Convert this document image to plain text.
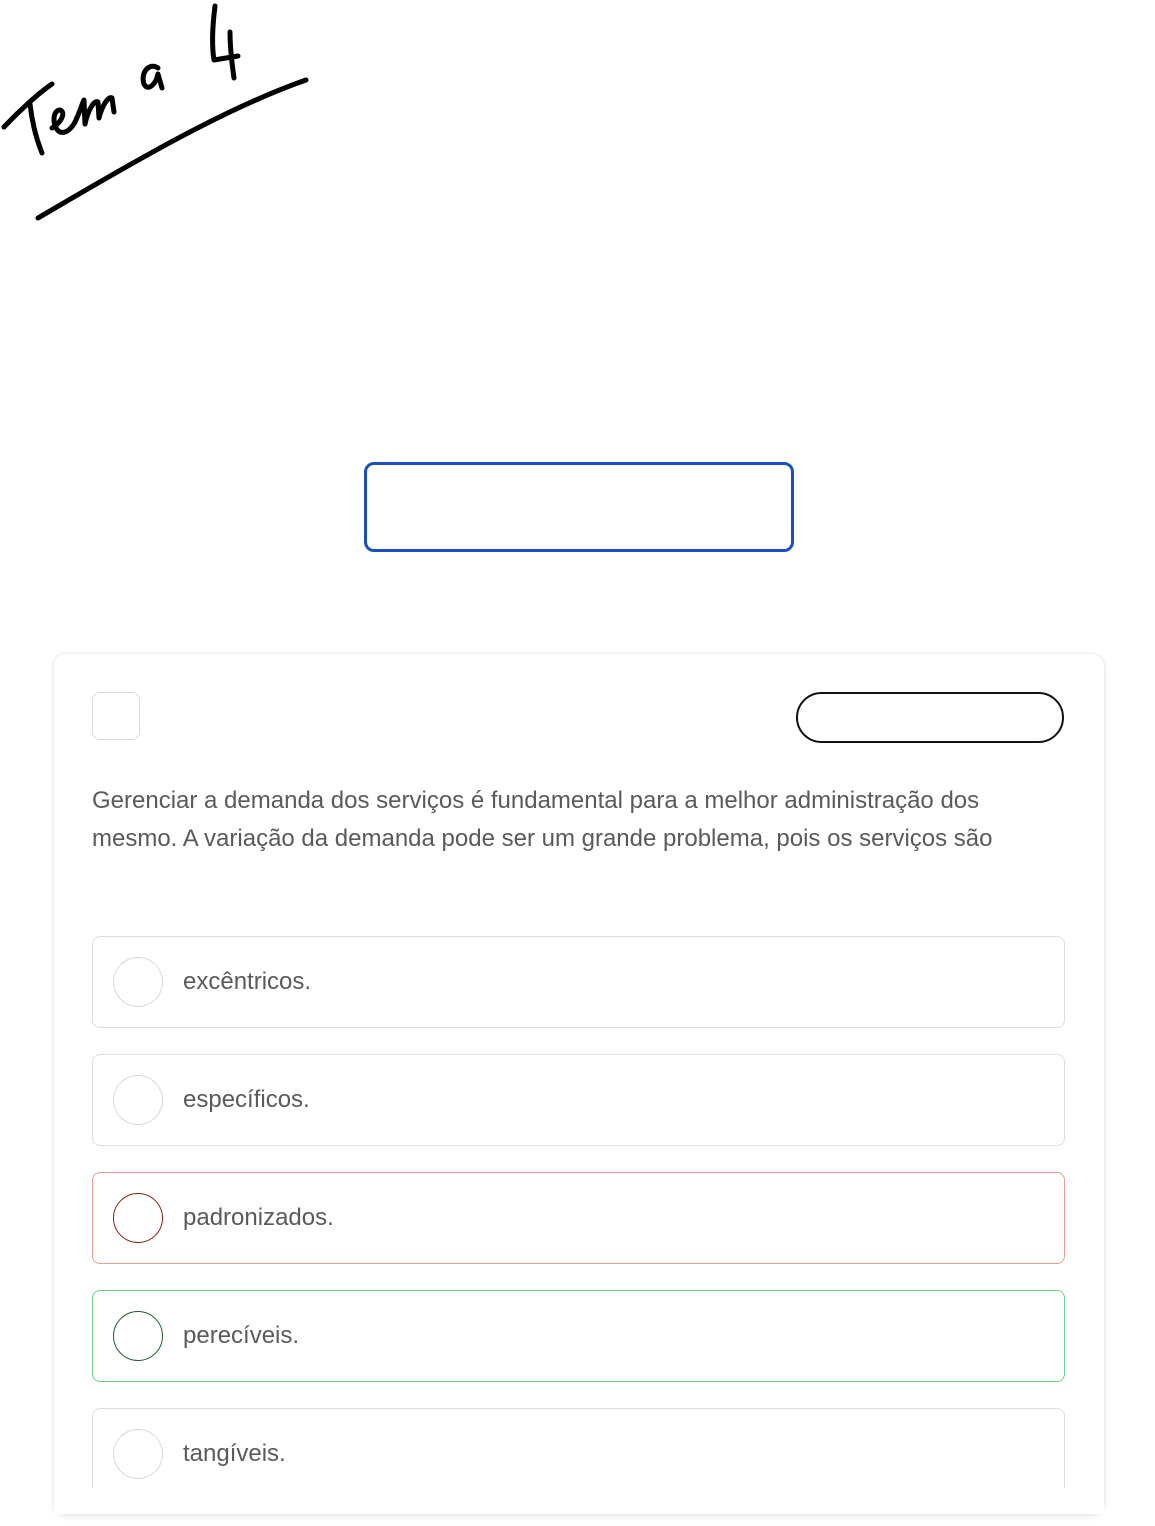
Gerenciar a demanda dos serviços é fundamental para a melhor administração dos mesmo. A variação da demanda pode ser um grande problema, pois os serviços são

excêntricos.
específicos.
padronizados.
perecíveis.
tangíveis.
